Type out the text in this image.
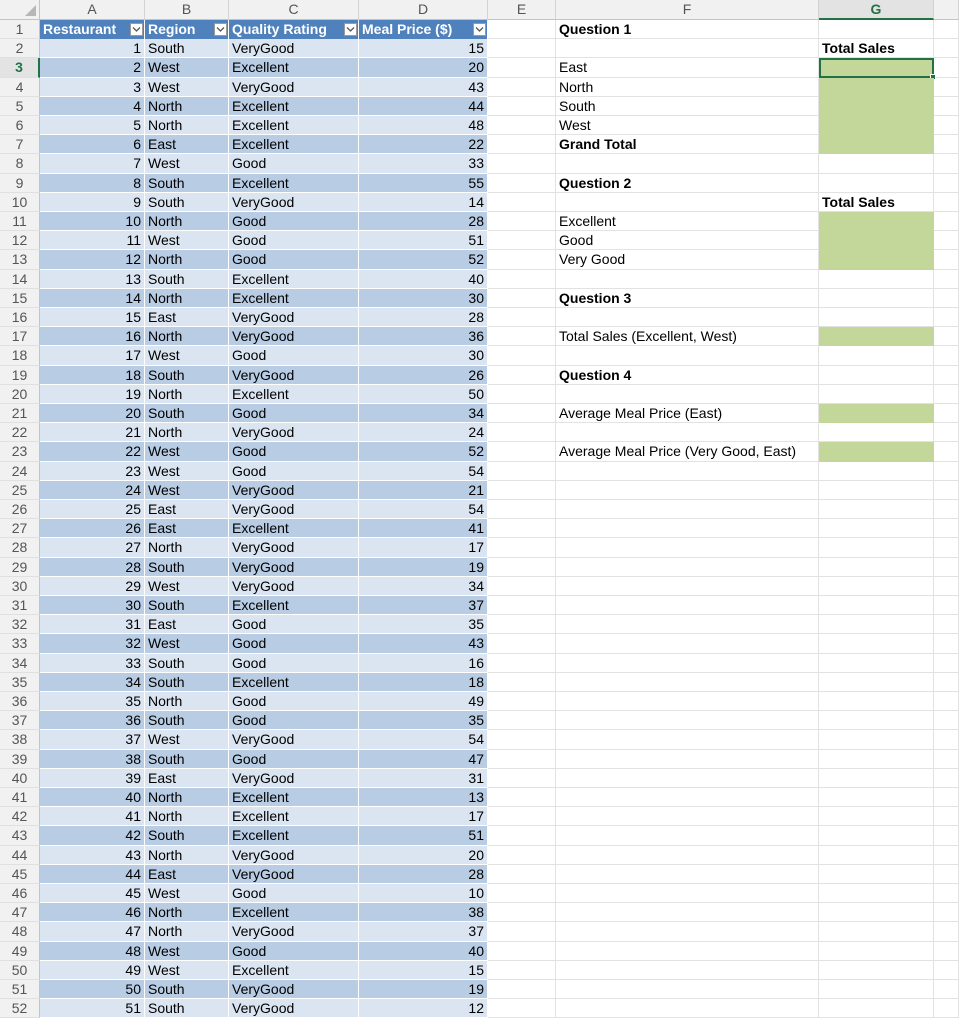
A	B	C	D	E	F	G
1
2
3
4
5
6
7
8
9
10
11
12
13
14
15
16
17
18
19
20
21
22
23
24
25
26
27
28
29
30
31
32
33
34
35
36
37
38
39
40
41
42
43
44
45
46
47
48
49
50
51
52
Restaurant	Region	Quality Rating	Meal Price ($)
1 South	VeryGood	15
2 West	Excellent	20
3 West	VeryGood	43
4 North	Excellent	44
5 North	Excellent	48
6 East	Excellent	22
7 West	Good	33
8 South	Excellent	55
9 South	VeryGood	14
10 North	Good	28
11 West	Good	51
12 North	Good	52
13 South	Excellent	40
14 North	Excellent	30
15 East	VeryGood	28
16 North	VeryGood	36
17 West	Good	30
18 South	VeryGood	26
19 North	Excellent	50
20 South	Good	34
21 North	VeryGood	24
22 West	Good	52
23 West	Good	54
24 West	VeryGood	21
25 East	VeryGood	54
26 East	Excellent	41
27 North	VeryGood	17
28 South	VeryGood	19
29 West	VeryGood	34
30 South	Excellent	37
31 East	Good	35
32 West	Good	43
33 South	Good	16
34 South	Excellent	18
35 North	Good	49
36 South	Good	35
37 West	VeryGood	54
38 South	Good	47
39 East	VeryGood	31
40 North	Excellent	13
41 North	Excellent	17
42 South	Excellent	51
43 North	VeryGood	20
44 East	VeryGood	28
45 West	Good	10
46 North	Excellent	38
47 North	VeryGood	37
48 West	Good	40
49 West	Excellent	15
50 South	VeryGood	19
51 South	VeryGood	12
Question 1
East
North
South
West
Grand Total
Question 2
Excellent
Good
Very Good
Question 3
Total Sales (Excellent, West)
Question 4
Average Meal Price (East)
Average Meal Price (Very Good, East)
Total Sales
Total Sales
